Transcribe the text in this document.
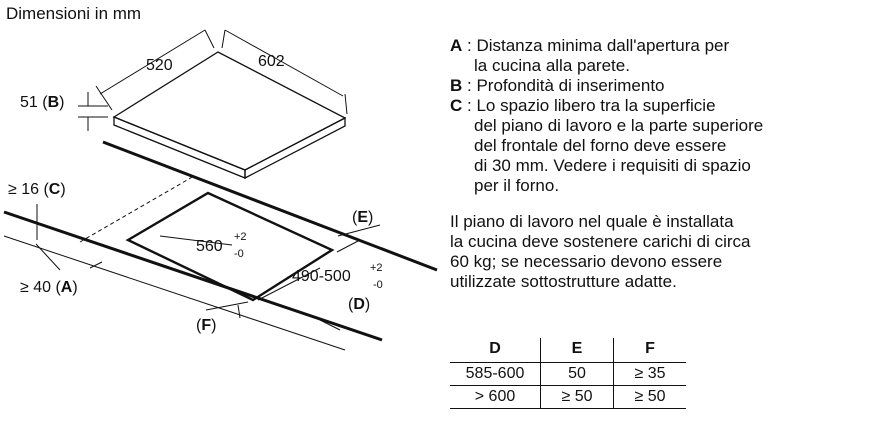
Dimensioni in mm
520	602
51 (B)
≥ 16 (C)
≥ 40 (A)
560
+2
-0
490-500 +2
-0
(E)
(D)
(F)
A : Distanza minima dall'apertura per
la cucina alla parete.
B : Profondità di inserimento
C : Lo spazio libero tra la superficie
del piano di lavoro e la parte superiore
del frontale del forno deve essere
di 30 mm. Vedere i requisiti di spazio
per il forno.
Il piano di lavoro nel quale è installata
la cucina deve sostenere carichi di circa
60 kg; se necessario devono essere
utilizzate sottostrutture adatte.
D	E	F
585-600	50	≥ 35
> 600	≥ 50	≥ 50
